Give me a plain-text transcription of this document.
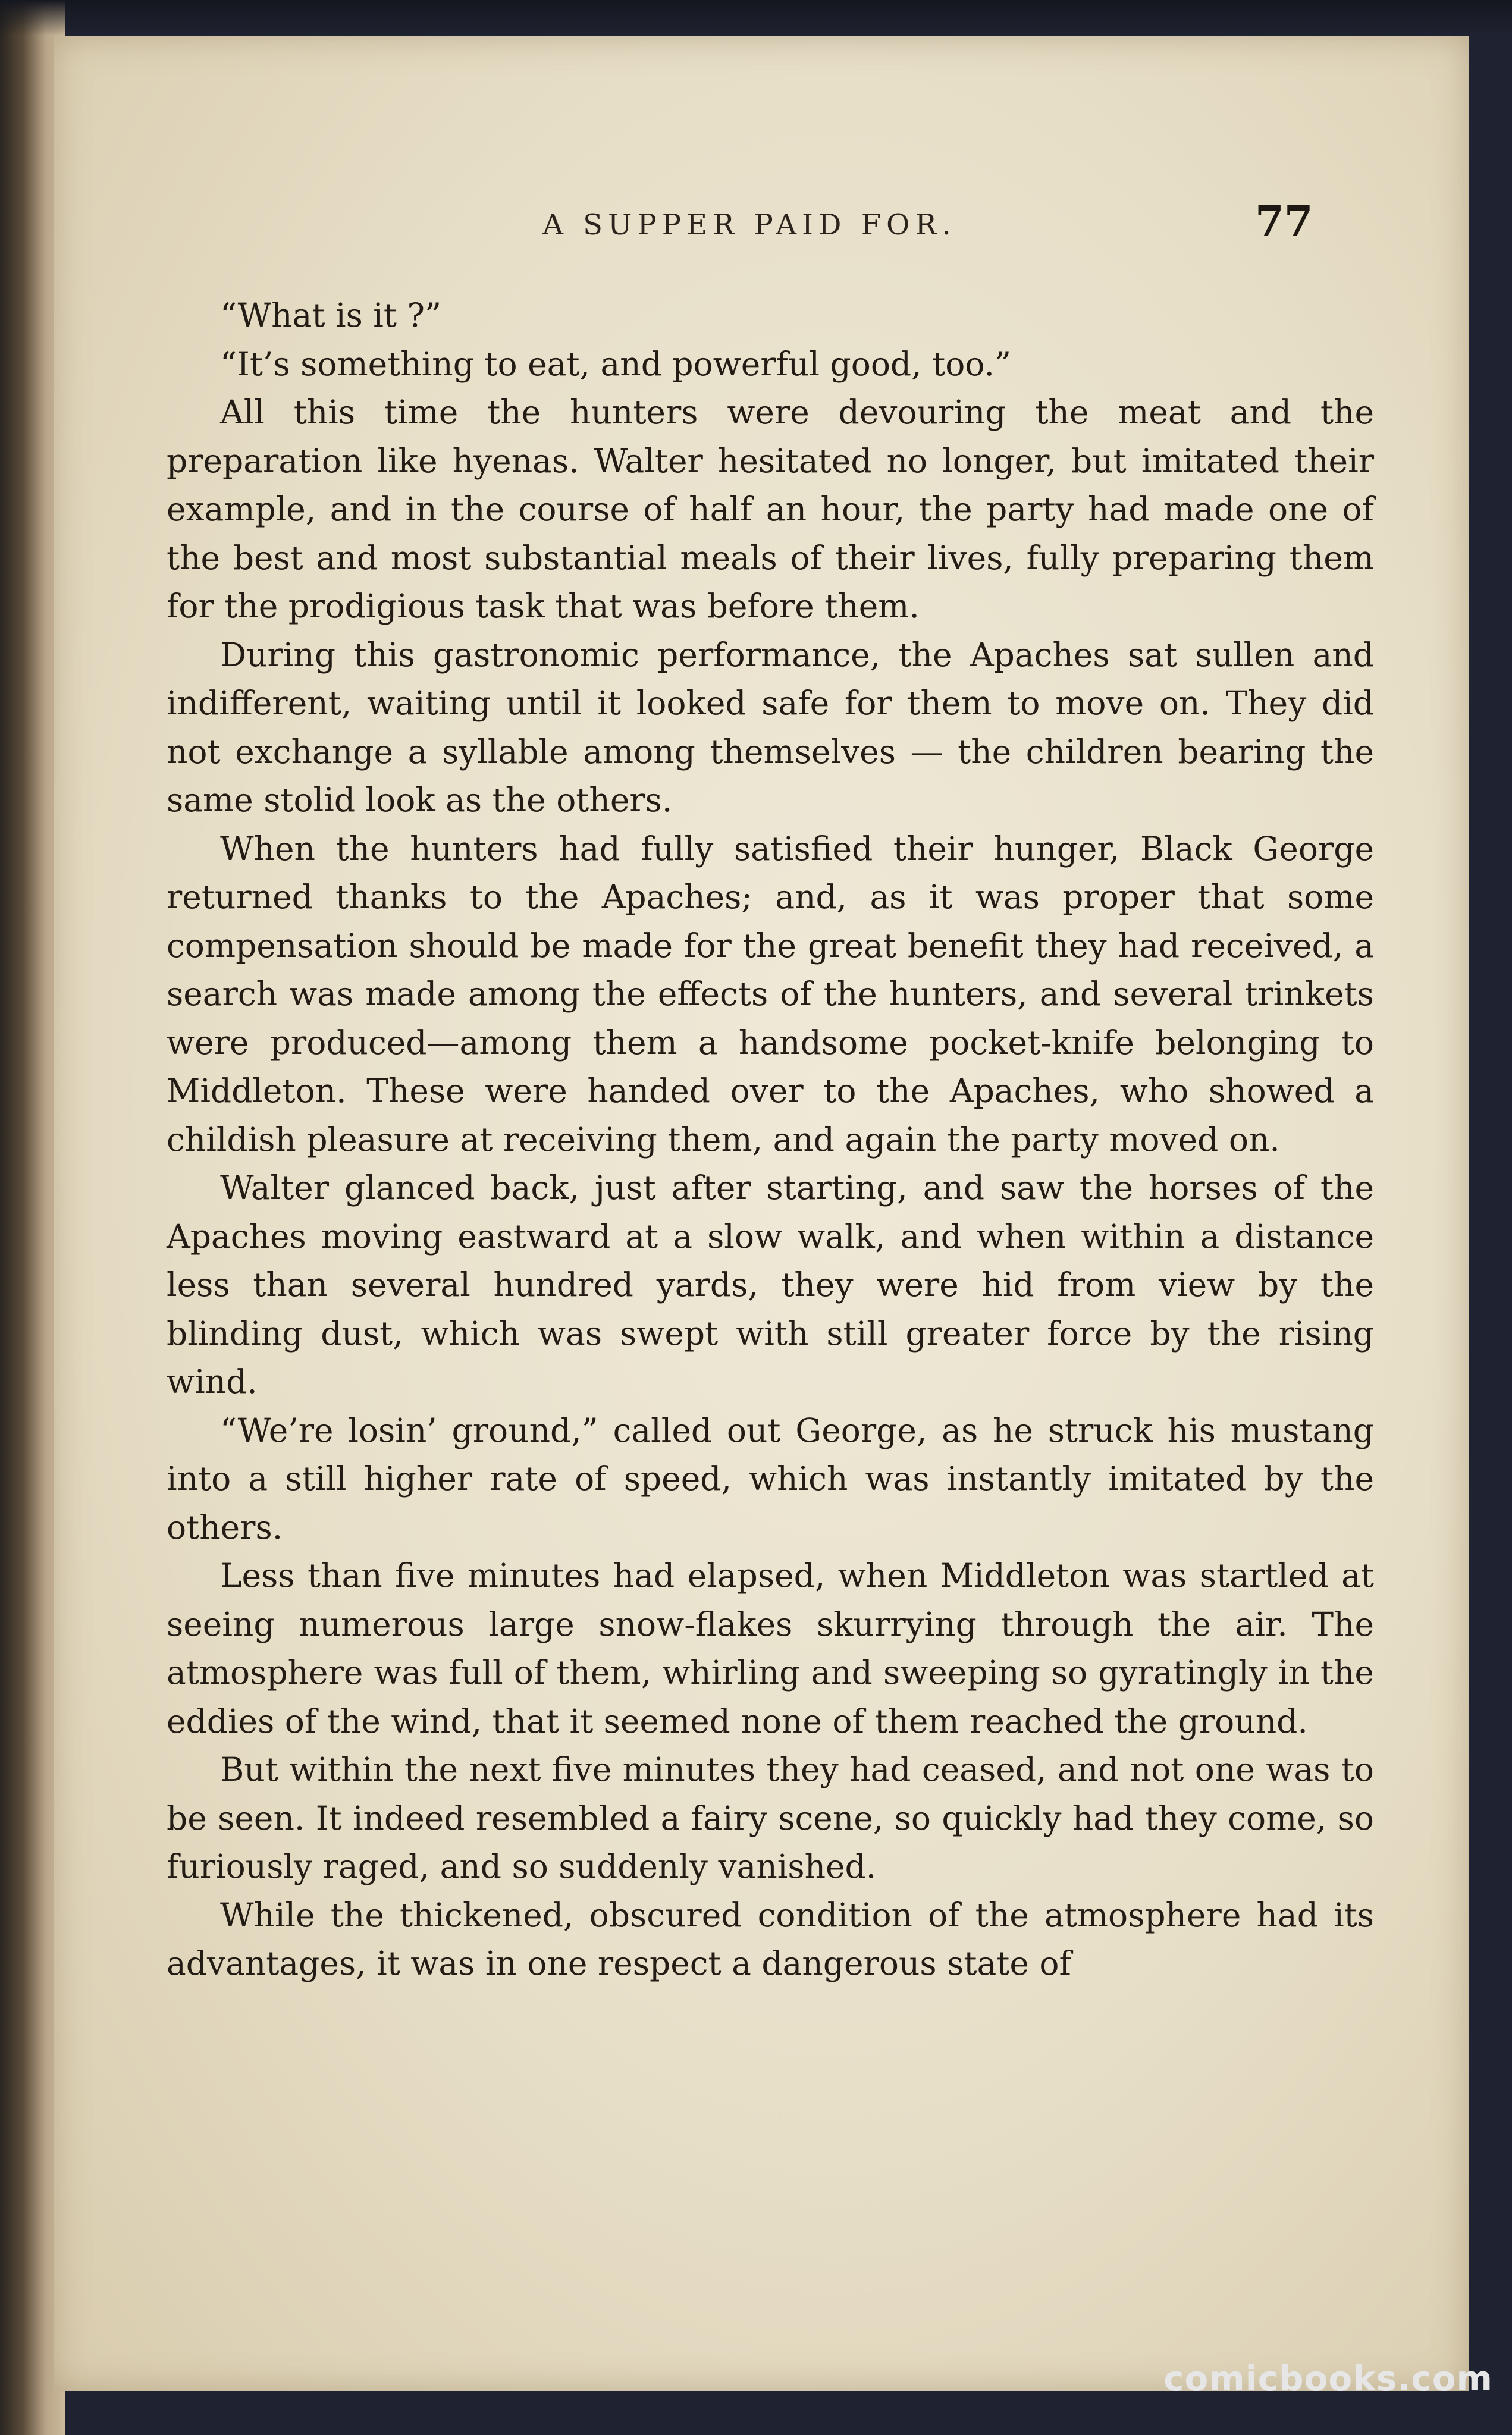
A SUPPER PAID FOR.	77

“What is it ?”

“It’s something to eat, and powerful good, too.”

All this time the hunters were devouring the meat and the preparation like hyenas. Walter hesitated no longer, but imitated their example, and in the course of half an hour, the party had made one of the best and most substantial meals of their lives, fully preparing them for the prodigious task that was before them.

During this gastronomic performance, the Apaches sat sullen and indifferent, waiting until it looked safe for them to move on. They did not exchange a syllable among themselves — the children bearing the same stolid look as the others.

When the hunters had fully satisfied their hunger, Black George returned thanks to the Apaches; and, as it was proper that some compensation should be made for the great benefit they had received, a search was made among the effects of the hunters, and several trinkets were produced—among them a handsome pocket-knife belonging to Middleton. These were handed over to the Apaches, who showed a childish pleasure at receiving them, and again the party moved on.

Walter glanced back, just after starting, and saw the horses of the Apaches moving eastward at a slow walk, and when within a distance less than several hundred yards, they were hid from view by the blinding dust, which was swept with still greater force by the rising wind.

“We’re losin’ ground,” called out George, as he struck his mustang into a still higher rate of speed, which was instantly imitated by the others.

Less than five minutes had elapsed, when Middleton was startled at seeing numerous large snow-flakes skurrying through the air. The atmosphere was full of them, whirling and sweeping so gyratingly in the eddies of the wind, that it seemed none of them reached the ground.

But within the next five minutes they had ceased, and not one was to be seen. It indeed resembled a fairy scene, so quickly had they come, so furiously raged, and so suddenly vanished.

While the thickened, obscured condition of the atmosphere had its advantages, it was in one respect a dangerous state of

comicbooks.com
